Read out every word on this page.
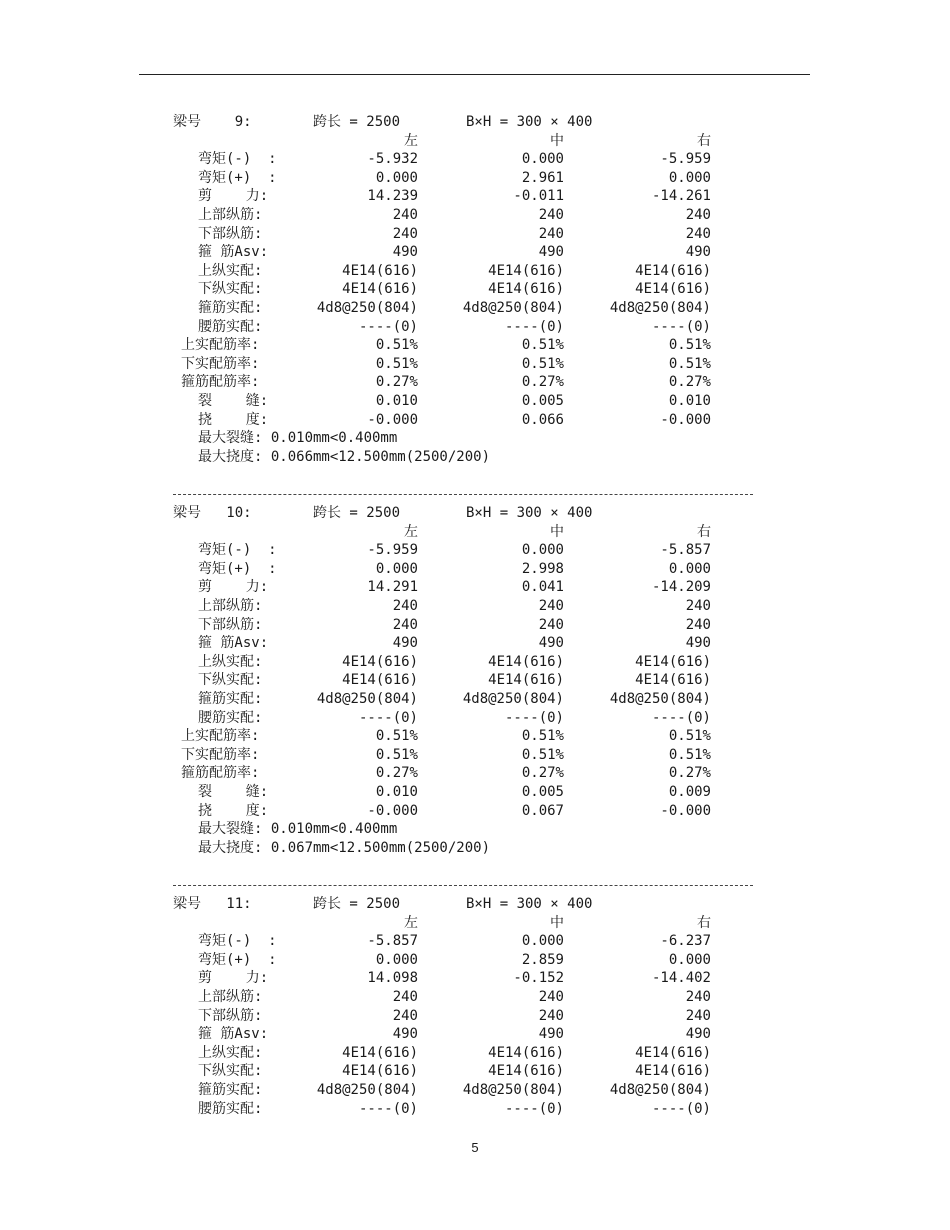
梁号    9:	跨长 = 2500	B×H = 300 × 400
左	中	右
弯矩(-)  :	-5.932	0.000	-5.959
弯矩(+)  :	0.000	2.961	0.000
剪    力:	14.239	-0.011	-14.261
上部纵筋:	240	240	240
下部纵筋:	240	240	240
箍 筋Asv:	490	490	490
上纵实配:	4E14(616)	4E14(616)	4E14(616)
下纵实配:	4E14(616)	4E14(616)	4E14(616)
箍筋实配:	4d8@250(804)	4d8@250(804)	4d8@250(804)
腰筋实配:	----(0)	----(0)	----(0)
上实配筋率:	0.51%	0.51%	0.51%
下实配筋率:	0.51%	0.51%	0.51%
箍筋配筋率:	0.27%	0.27%	0.27%
裂    缝:	0.010	0.005	0.010
挠    度:	-0.000	0.066	-0.000
最大裂缝: 0.010mm<0.400mm
最大挠度: 0.066mm<12.500mm(2500/200)
梁号   10:	跨长 = 2500	B×H = 300 × 400
左	中	右
弯矩(-)  :	-5.959	0.000	-5.857
弯矩(+)  :	0.000	2.998	0.000
剪    力:	14.291	0.041	-14.209
上部纵筋:	240	240	240
下部纵筋:	240	240	240
箍 筋Asv:	490	490	490
上纵实配:	4E14(616)	4E14(616)	4E14(616)
下纵实配:	4E14(616)	4E14(616)	4E14(616)
箍筋实配:	4d8@250(804)	4d8@250(804)	4d8@250(804)
腰筋实配:	----(0)	----(0)	----(0)
上实配筋率:	0.51%	0.51%	0.51%
下实配筋率:	0.51%	0.51%	0.51%
箍筋配筋率:	0.27%	0.27%	0.27%
裂    缝:	0.010	0.005	0.009
挠    度:	-0.000	0.067	-0.000
最大裂缝: 0.010mm<0.400mm
最大挠度: 0.067mm<12.500mm(2500/200)
梁号   11:	跨长 = 2500	B×H = 300 × 400
左	中	右
弯矩(-)  :	-5.857	0.000	-6.237
弯矩(+)  :	0.000	2.859	0.000
剪    力:	14.098	-0.152	-14.402
上部纵筋:	240	240	240
下部纵筋:	240	240	240
箍 筋Asv:	490	490	490
上纵实配:	4E14(616)	4E14(616)	4E14(616)
下纵实配:	4E14(616)	4E14(616)	4E14(616)
箍筋实配:	4d8@250(804)	4d8@250(804)	4d8@250(804)
腰筋实配:	----(0)	----(0)	----(0)
5
